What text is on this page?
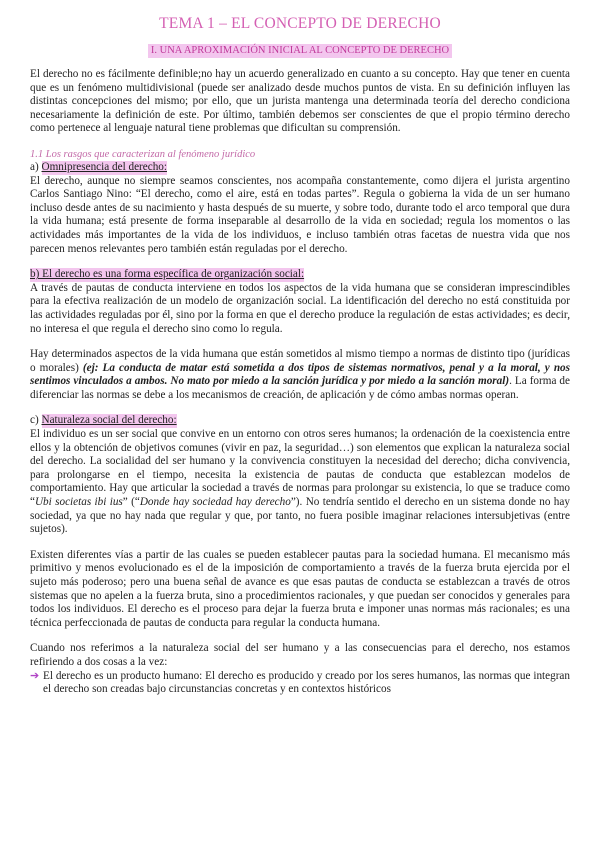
TEMA 1 – EL CONCEPTO DE DERECHO
I. UNA APROXIMACIÓN INICIAL AL CONCEPTO DE DERECHO

El derecho no es fácilmente definible;no hay un acuerdo generalizado en cuanto a su concepto. Hay que tener en cuenta que es un fenómeno multidivisional (puede ser analizado desde muchos puntos de vista. En su definición influyen las distintas concepciones del mismo; por ello, que un jurista mantenga una determinada teoría del derecho condiciona necesariamente la definición de este. Por último, también debemos ser conscientes de que el propio término derecho como pertenece al lenguaje natural tiene problemas que dificultan su comprensión.

1.1 Los rasgos que caracterizan al fenómeno jurídico
a) Omnipresencia del derecho:

El derecho, aunque no siempre seamos conscientes, nos acompaña constantemente, como dijera el jurista argentino Carlos Santiago Nino: “El derecho, como el aire, está en todas partes”. Regula o gobierna la vida de un ser humano incluso desde antes de su nacimiento y hasta después de su muerte, y sobre todo, durante todo el arco temporal que dura la vida humana; está presente de forma inseparable al desarrollo de la vida en sociedad; regula los momentos o las actividades más importantes de la vida de los individuos, e incluso también otras facetas de nuestra vida que nos parecen menos relevantes pero también están reguladas por el derecho.

b) El derecho es una forma específica de organización social:

A través de pautas de conducta interviene en todos los aspectos de la vida humana que se consideran imprescindibles para la efectiva realización de un modelo de organización social. La identificación del derecho no está constituida por las actividades reguladas por él, sino por la forma en que el derecho produce la regulación de estas actividades; es decir, no interesa el que regula el derecho sino como lo regula.

Hay determinados aspectos de la vida humana que están sometidos al mismo tiempo a normas de distinto tipo (jurídicas o morales) (ej: La conducta de matar está sometida a dos tipos de sistemas normativos, penal y a la moral, y nos sentimos vinculados a ambos. No mato por miedo a la sanción jurídica y por miedo a la sanción moral). La forma de diferenciar las normas se debe a los mecanismos de creación, de aplicación y de cómo ambas normas operan.

c) Naturaleza social del derecho:

El individuo es un ser social que convive en un entorno con otros seres humanos; la ordenación de la coexistencia entre ellos y la obtención de objetivos comunes (vivir en paz, la seguridad…) son elementos que explican la naturaleza social del derecho. La socialidad del ser humano y la convivencia constituyen la necesidad del derecho; dicha convivencia, para prolongarse en el tiempo, necesita la existencia de pautas de conducta que establezcan modelos de comportamiento. Hay que articular la sociedad a través de normas para prolongar su existencia, lo que se traduce como “Ubi societas ibi ius” (“Donde hay sociedad hay derecho”). No tendría sentido el derecho en un sistema donde no hay sociedad, ya que no hay nada que regular y que, por tanto, no fuera posible imaginar relaciones intersubjetivas (entre sujetos).

Existen diferentes vías a partir de las cuales se pueden establecer pautas para la sociedad humana. El mecanismo más primitivo y menos evolucionado es el de la imposición de comportamiento a través de la fuerza bruta ejercida por el sujeto más poderoso; pero una buena señal de avance es que esas pautas de conducta se establezcan a través de otros sistemas que no apelen a la fuerza bruta, sino a procedimientos racionales, y que puedan ser conocidos y generales para todos los individuos. El derecho es el proceso para dejar la fuerza bruta e imponer unas normas más racionales; es una técnica perfeccionada de pautas de conducta para regular la conducta humana.

Cuando nos referimos a la naturaleza social del ser humano y a las consecuencias para el derecho, nos estamos refiriendo a dos cosas a la vez:

➔ El derecho es un producto humano: El derecho es producido y creado por los seres humanos, las normas que integran el derecho son creadas bajo circunstancias concretas y en contextos históricos
